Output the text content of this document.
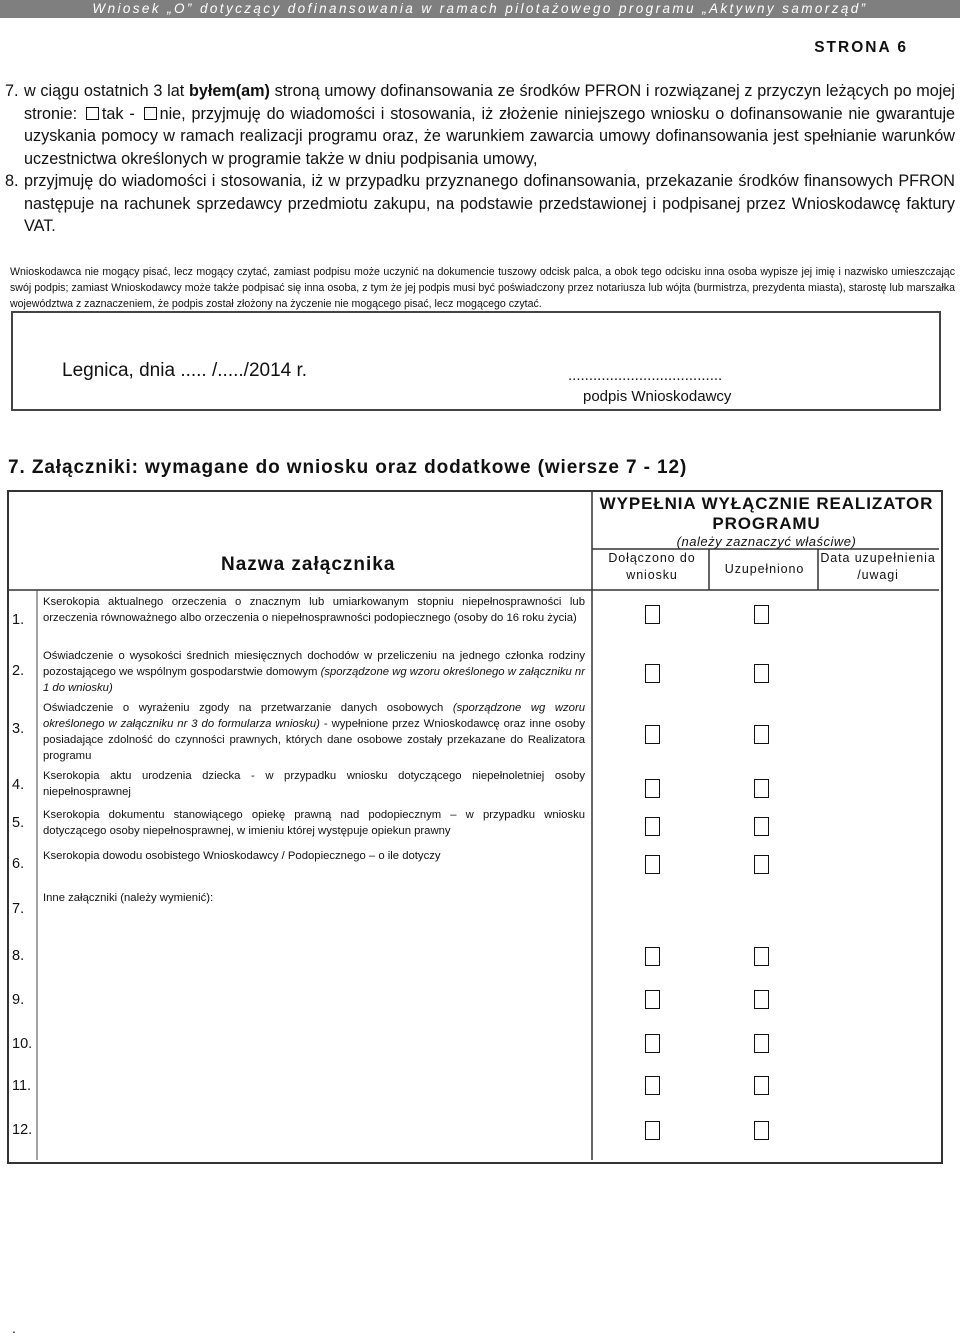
Wniosek „O” dotyczący dofinansowania w ramach pilotażowego programu „Aktywny samorząd”
STRONA 6
7. w ciągu ostatnich 3 lat byłem(am) stroną umowy dofinansowania ze środków PFRON i rozwiązanej z przyczyn leżących po mojej stronie: tak - nie, przyjmuję do wiadomości i stosowania, iż złożenie niniejszego wniosku o dofinansowanie nie gwarantuje uzyskania pomocy w ramach realizacji programu oraz, że warunkiem zawarcia umowy dofinansowania jest spełnianie warunków uczestnictwa określonych w programie także w dniu podpisania umowy,
8. przyjmuję do wiadomości i stosowania, iż w przypadku przyznanego dofinansowania, przekazanie środków finansowych PFRON następuje na rachunek sprzedawcy przedmiotu zakupu, na podstawie przedstawionej i podpisanej przez Wnioskodawcę faktury VAT.
Wnioskodawca nie mogący pisać, lecz mogący czytać, zamiast podpisu może uczynić na dokumencie tuszowy odcisk palca, a obok tego odcisku inna osoba wypisze jej imię i nazwisko umieszczając swój podpis; zamiast Wnioskodawcy może także podpisać się inna osoba, z tym że jej podpis musi być poświadczony przez notariusza lub wójta (burmistrza, prezydenta miasta), starostę lub marszałka województwa z zaznaczeniem, że podpis został złożony na życzenie nie mogącego pisać, lecz mogącego czytać.
Legnica, dnia ..... /...../2014 r.	.....................................
podpis Wnioskodawcy
7. Załączniki: wymagane do wniosku oraz dodatkowe (wiersze 7 - 12)
Nazwa załącznika
WYPEŁNIA WYŁĄCZNIE REALIZATOR PROGRAMU
(należy zaznaczyć właściwe)
Dołączono do wniosku	Uzupełniono
Data uzupełnienia /uwagi
1.
Kserokopia aktualnego orzeczenia o znacznym lub umiarkowanym stopniu niepełnosprawności lub orzeczenia równoważnego albo orzeczenia o niepełnosprawności podopiecznego (osoby do 16 roku życia)
2.
Oświadczenie o wysokości średnich miesięcznych dochodów w przeliczeniu na jednego członka rodziny pozostającego we wspólnym gospodarstwie domowym (sporządzone wg wzoru określonego w załączniku nr 1 do wniosku)
3.
Oświadczenie o wyrażeniu zgody na przetwarzanie danych osobowych (sporządzone wg wzoru określonego w załączniku nr 3 do formularza wniosku) - wypełnione przez Wnioskodawcę oraz inne osoby posiadające zdolność do czynności prawnych, których dane osobowe zostały przekazane do Realizatora programu
4.
Kserokopia aktu urodzenia dziecka - w przypadku wniosku dotyczącego niepełnoletniej osoby niepełnosprawnej
5. Kserokopia dokumentu stanowiącego opiekę prawną nad podopiecznym – w przypadku wniosku dotyczącego osoby niepełnosprawnej, w imieniu której występuje opiekun prawny
6. Kserokopia dowodu osobistego Wnioskodawcy / Podopiecznego – o ile dotyczy
7.
Inne załączniki (należy wymienić):
8.
9.
10.
11.
12.
.
